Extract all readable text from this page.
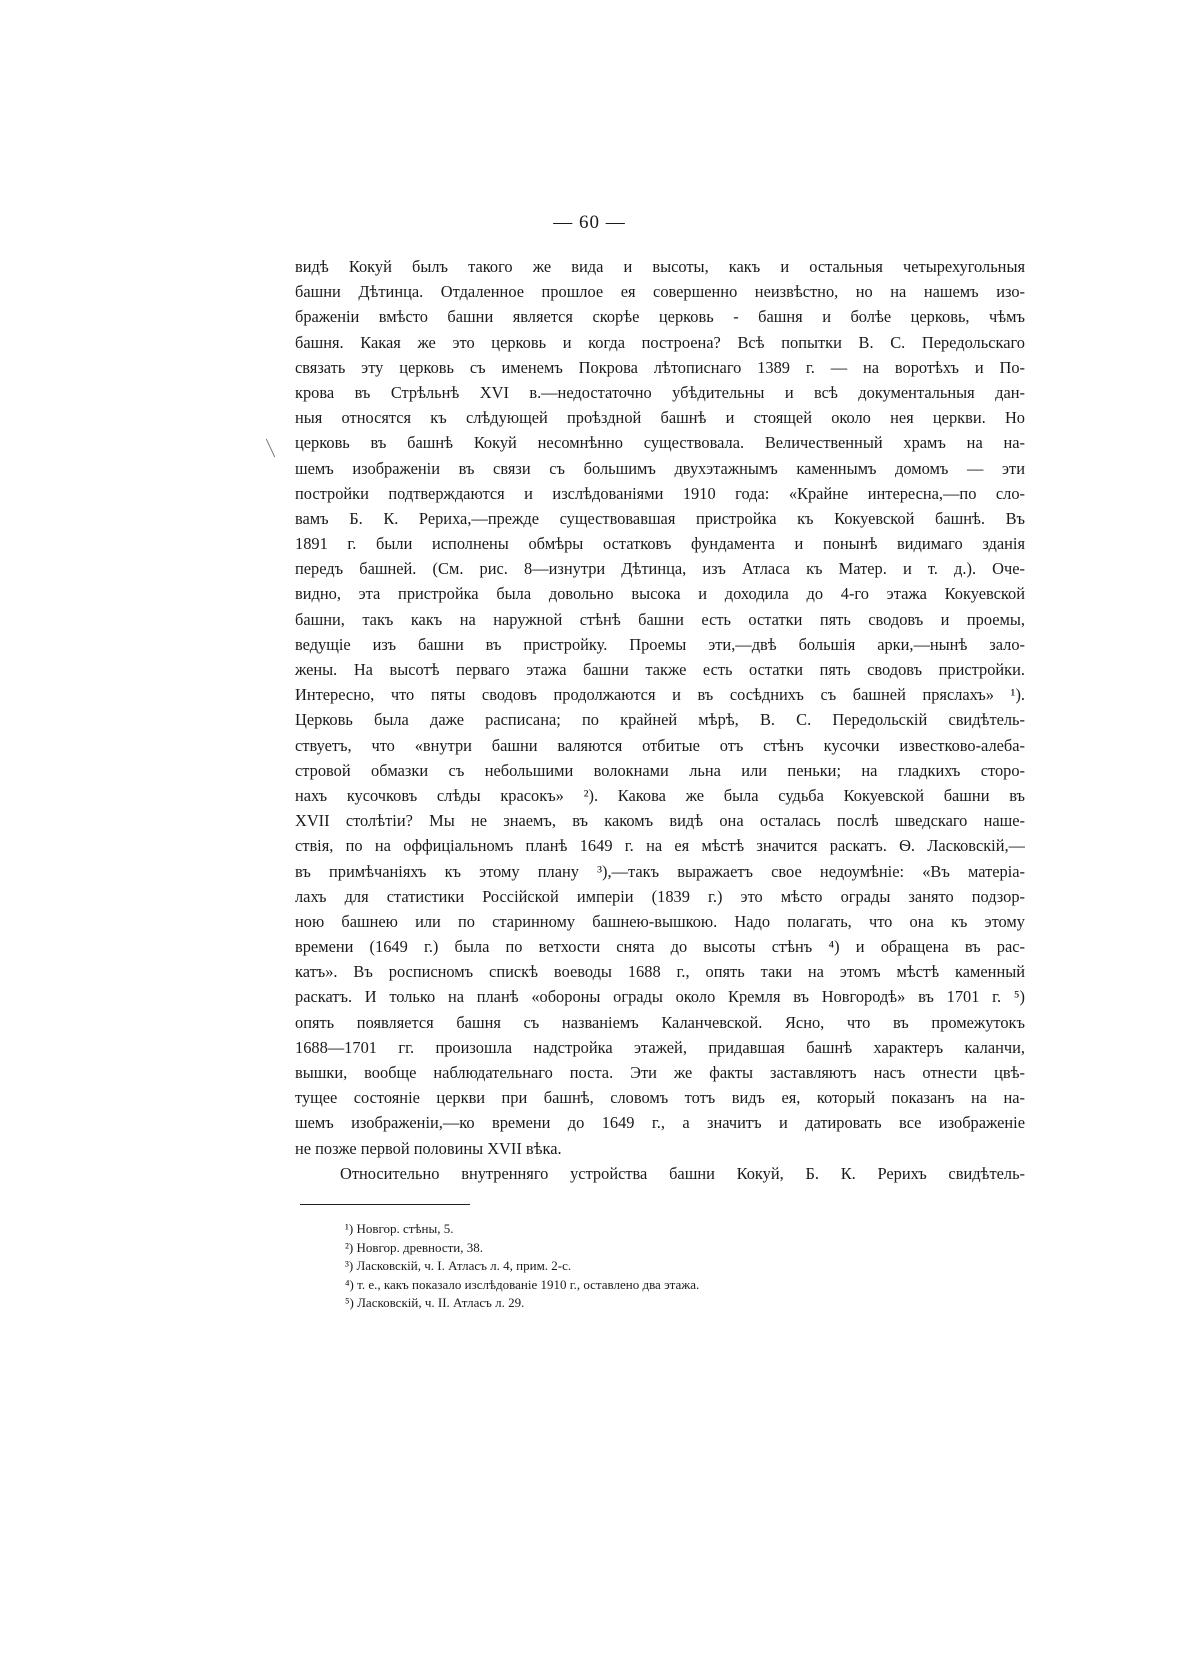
— 60 —
видѣ Кокуй былъ такого же вида и высоты, какъ и остальныя четырехугольныя
башни Дѣтинца. Отдаленное прошлое ея совершенно неизвѣстно, но на нашемъ изо-
браженіи вмѣсто башни является скорѣе церковь - башня и болѣе церковь, чѣмъ
башня. Какая же это церковь и когда построена? Всѣ попытки В. С. Передольскаго
связать эту церковь съ именемъ Покрова лѣтописнаго 1389 г. — на воротѣхъ и По-
крова въ Стрѣльнѣ XVI в.—недостаточно убѣдительны и всѣ документальныя дан-
ныя относятся къ слѣдующей проѣздной башнѣ и стоящей около нея церкви. Но
церковь въ башнѣ Кокуй несомнѣнно существовала. Величественный храмъ на на-
шемъ изображеніи въ связи съ большимъ двухэтажнымъ каменнымъ домомъ — эти
постройки подтверждаются и изслѣдованіями 1910 года: «Крайне интересна,—по сло-
вамъ Б. К. Рериха,—прежде существовавшая пристройка къ Кокуевской башнѣ. Въ
1891 г. были исполнены обмѣры остатковъ фундамента и понынѣ видимаго зданія
передъ башней. (См. рис. 8—изнутри Дѣтинца, изъ Атласа къ Матер. и т. д.). Оче-
видно, эта пристройка была довольно высока и доходила до 4-го этажа Кокуевской
башни, такъ какъ на наружной стѣнѣ башни есть остатки пять сводовъ и проемы,
ведущіе изъ башни въ пристройку. Проемы эти,—двѣ большія арки,—нынѣ зало-
жены. На высотѣ перваго этажа башни также есть остатки пять сводовъ пристройки.
Интересно, что пяты сводовъ продолжаются и въ сосѣднихъ съ башней пряслахъ» ¹).
Церковь была даже расписана; по крайней мѣрѣ, В. С. Передольскій свидѣтель-
ствуетъ, что «внутри башни валяются отбитые отъ стѣнъ кусочки известково-алеба-
стровой обмазки съ небольшими волокнами льна или пеньки; на гладкихъ сторо-
нахъ кусочковъ слѣды красокъ» ²). Какова же была судьба Кокуевской башни въ
XVII столѣтіи? Мы не знаемъ, въ какомъ видѣ она осталась послѣ шведскаго наше-
ствія, по на оффиціальномъ планѣ 1649 г. на ея мѣстѣ значится раскатъ. Ѳ. Ласковскій,—
въ примѣчаніяхъ къ этому плану ³),—такъ выражаетъ свое недоумѣніе: «Въ матеріа-
лахъ для статистики Россійской имперіи (1839 г.) это мѣсто ограды занято подзор-
ною башнею или по старинному башнею-вышкою. Надо полагать, что она къ этому
времени (1649 г.) была по ветхости снята до высоты стѣнъ ⁴) и обращена въ рас-
катъ». Въ росписномъ спискѣ воеводы 1688 г., опять таки на этомъ мѣстѣ каменный
раскатъ. И только на планѣ «обороны ограды около Кремля въ Новгородѣ» въ 1701 г. ⁵)
опять появляется башня съ названіемъ Каланчевской. Ясно, что въ промежутокъ
1688—1701 гг. произошла надстройка этажей, придавшая башнѣ характеръ каланчи,
вышки, вообще наблюдательнаго поста. Эти же факты заставляютъ насъ отнести цвѣ-
тущее состояніе церкви при башнѣ, словомъ тотъ видъ ея, который показанъ на на-
шемъ изображеніи,—ко времени до 1649 г., а значитъ и датировать все изображеніе
не позже первой половины XVII вѣка.
Относительно внутренняго устройства башни Кокуй, Б. К. Рерихъ свидѣтель-
¹) Новгор. стѣны, 5.
²) Новгор. древности, 38.
³) Ласковскій, ч. I. Атласъ л. 4, прим. 2-с.
⁴) т. е., какъ показало изслѣдованіе 1910 г., оставлено два этажа.
⁵) Ласковскій, ч. II. Атласъ л. 29.
